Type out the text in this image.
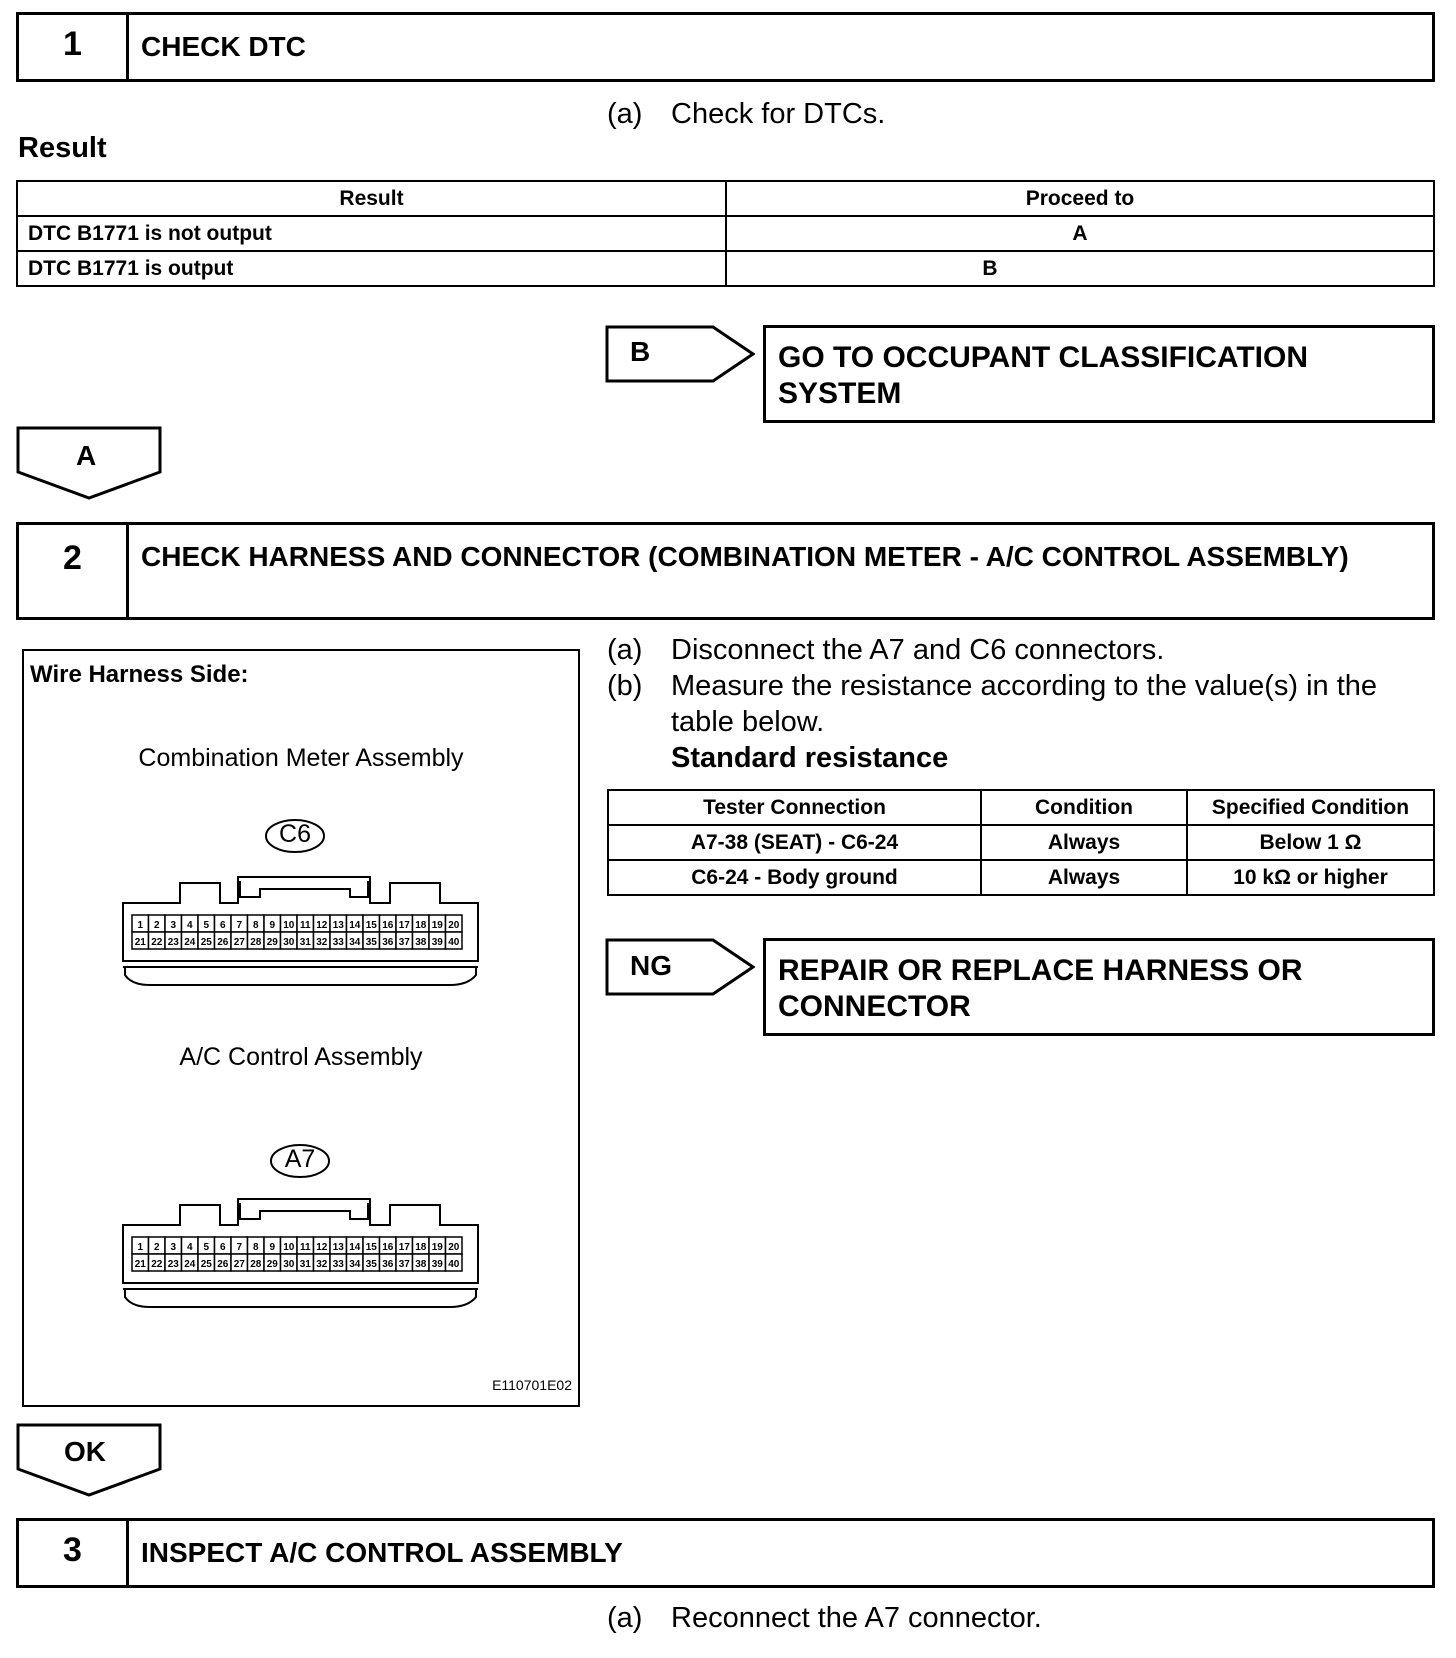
1	CHECK DTC
(a) Check for DTCs.
Result
Result	Proceed to
DTC B1771 is not output	A
DTC B1771 is output	B
B	GO TO OCCUPANT CLASSIFICATION SYSTEM
A
2	CHECK HARNESS AND CONNECTOR (COMBINATION METER - A/C CONTROL ASSEMBLY)
(a) Disconnect the A7 and C6 connectors.
(b) Measure the resistance according to the value(s) in the table below.
Standard resistance
Tester Connection	Condition	Specified Condition
A7-38 (SEAT) - C6-24	Always	Below 1 Ω
C6-24 - Body ground	Always	10 kΩ or higher
NG	REPAIR OR REPLACE HARNESS OR CONNECTOR
Wire Harness Side:
Combination Meter Assembly
C6
1 2 3 4 5 6 7 8 9 10 11 12 13 14 15 16 17 18 19 20
21 22 23 24 25 26 27 28 29 30 31 32 33 34 35 36 37 38 39 40
A/C Control Assembly
A7
1 2 3 4 5 6 7 8 9 10 11 12 13 14 15 16 17 18 19 20
21 22 23 24 25 26 27 28 29 30 31 32 33 34 35 36 37 38 39 40
E110701E02
OK
3	INSPECT A/C CONTROL ASSEMBLY
(a) Reconnect the A7 connector.
